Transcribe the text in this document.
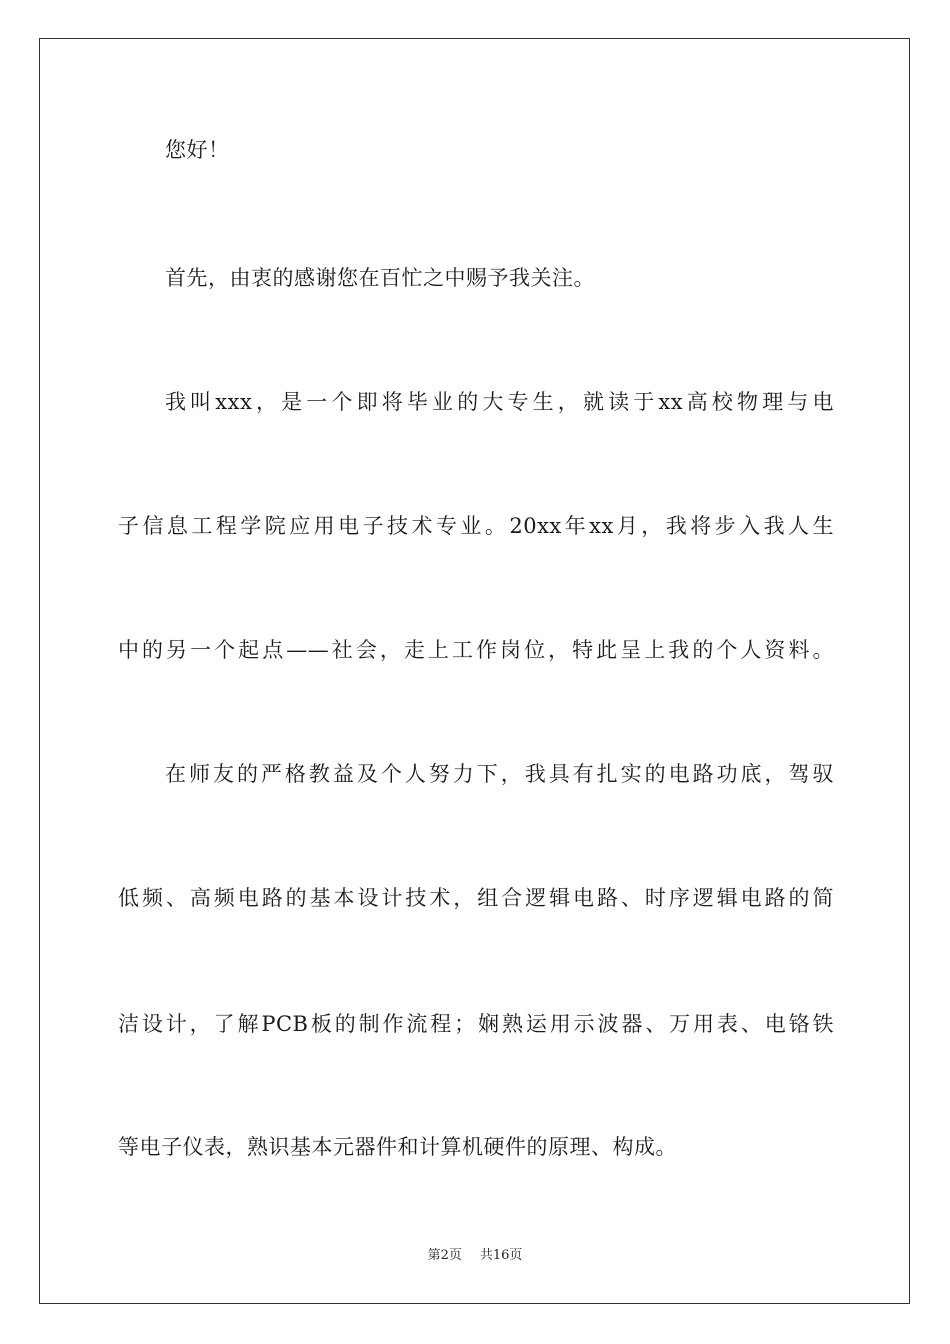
您好！
首先，由衷的感谢您在百忙之中赐予我关注。
我叫xxx，是一个即将毕业的大专生，就读于xx高校物理与电
子信息工程学院应用电子技术专业。20xx年xx月，我将步入我人生
中的另一个起点——社会，走上工作岗位，特此呈上我的个人资料。
在师友的严格教益及个人努力下，我具有扎实的电路功底，驾驭
低频、高频电路的基本设计技术，组合逻辑电路、时序逻辑电路的简
洁设计，了解PCB板的制作流程；娴熟运用示波器、万用表、电铬铁
等电子仪表，熟识基本元器件和计算机硬件的原理、构成。
第2页 共16页
